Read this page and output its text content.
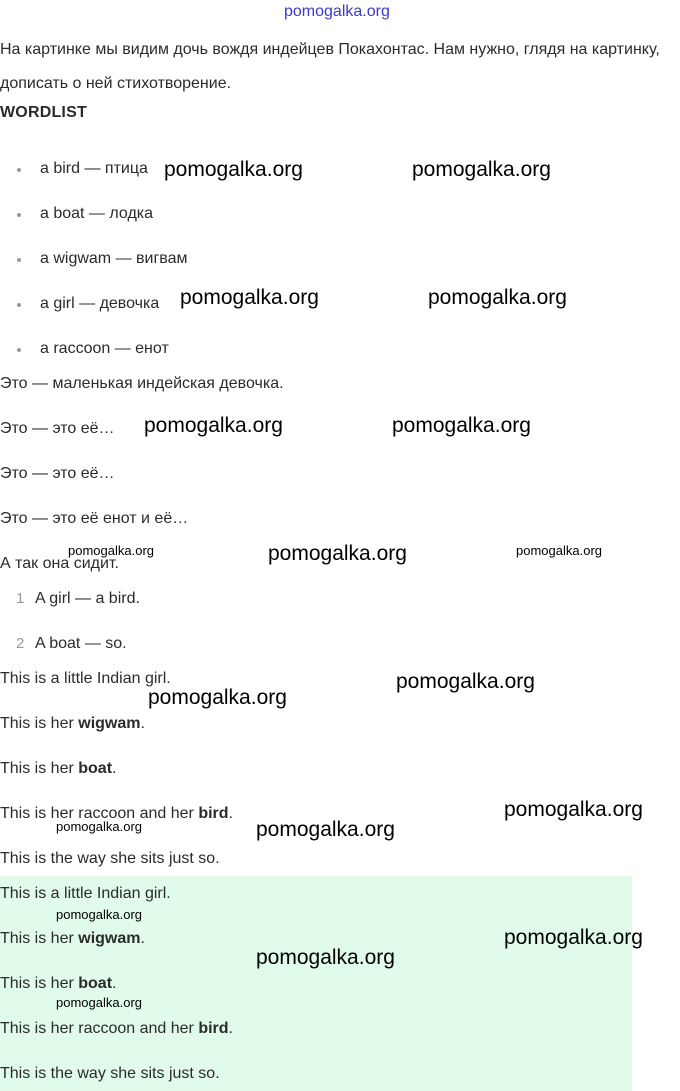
pomogalka.org
На картинке мы видим дочь вождя индейцев Покахонтас. Нам нужно, глядя на картинку, дописать о ней стихотворение.
WORDLIST
a bird — птица
a boat — лодка
a wigwam — вигвам
a girl — девочка
a raccoon — енот
Это — маленькая индейская девочка.
Это — это её…
Это — это её…
Это — это её енот и её…
А так она сидит.
1 A girl — a bird.
2 A boat — so.
This is a little Indian girl.
This is her wigwam.
This is her boat.
This is her raccoon and her bird.
This is the way she sits just so.
This is a little Indian girl.
This is her wigwam.
This is her boat.
This is her raccoon and her bird.
This is the way she sits just so.
pomogalka.org	pomogalka.org
pomogalka.org	pomogalka.org
pomogalka.org	pomogalka.org
pomogalka.org	pomogalka.org	pomogalka.org
pomogalka.org
pomogalka.org
pomogalka.org
pomogalka.org	pomogalka.org
pomogalka.org
pomogalka.org
pomogalka.org
pomogalka.org
